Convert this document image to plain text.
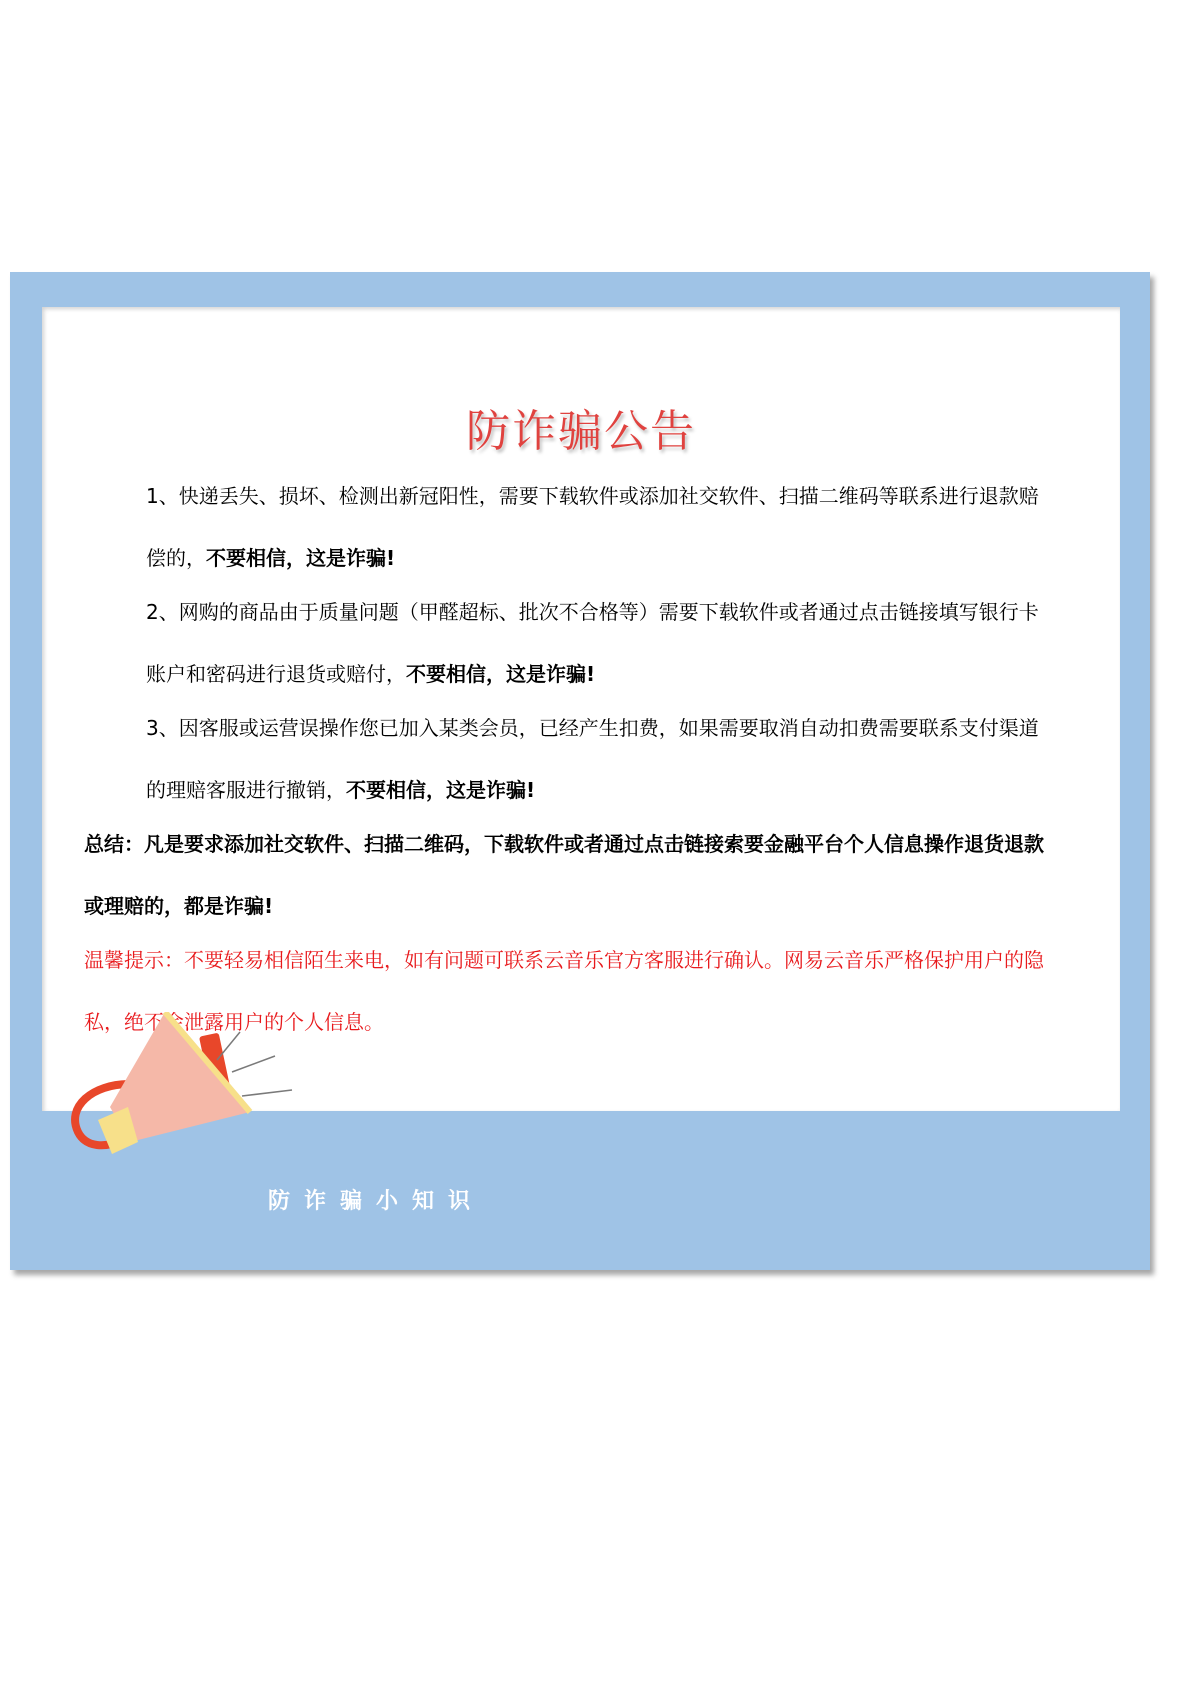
防诈骗公告

1、快递丢失、损坏、检测出新冠阳性，需要下载软件或添加社交软件、扫描二维码等联系进行退款赔偿的，不要相信，这是诈骗!

2、网购的商品由于质量问题（甲醛超标、批次不合格等）需要下载软件或者通过点击链接填写银行卡账户和密码进行退货或赔付，不要相信，这是诈骗!

3、因客服或运营误操作您已加入某类会员，已经产生扣费，如果需要取消自动扣费需要联系支付渠道的理赔客服进行撤销，不要相信，这是诈骗!

总结：凡是要求添加社交软件、扫描二维码，下载软件或者通过点击链接索要金融平台个人信息操作退货退款或理赔的，都是诈骗!

温馨提示：不要轻易相信陌生来电，如有问题可联系云音乐官方客服进行确认。网易云音乐严格保护用户的隐私，绝不会泄露用户的个人信息。

防诈骗小知识
